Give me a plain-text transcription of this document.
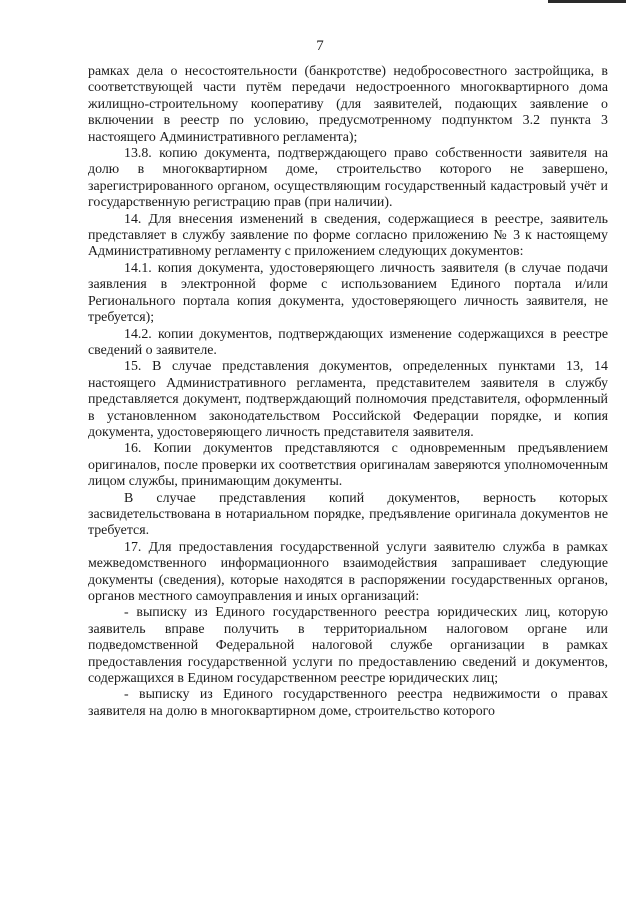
7

рамках дела о несостоятельности (банкротстве) недобросовестного застройщика, в соответствующей части путём передачи недостроенного многоквартирного дома жилищно-строительному кооперативу (для заявителей, подающих заявление о включении в реестр по условию, предусмотренному подпунктом 3.2 пункта 3 настоящего Административного регламента);

13.8. копию документа, подтверждающего право собственности заявителя на долю в многоквартирном доме, строительство которого не завершено, зарегистрированного органом, осуществляющим государственный кадастровый учёт и государственную регистрацию прав (при наличии).

14. Для внесения изменений в сведения, содержащиеся в реестре, заявитель представляет в службу заявление по форме согласно приложению № 3 к настоящему Административному регламенту с приложением следующих документов:

14.1. копия документа, удостоверяющего личность заявителя (в случае подачи заявления в электронной форме с использованием Единого портала и/или Регионального портала копия документа, удостоверяющего личность заявителя, не требуется);

14.2. копии документов, подтверждающих изменение содержащихся в реестре сведений о заявителе.

15. В случае представления документов, определенных пунктами 13, 14 настоящего Административного регламента, представителем заявителя в службу представляется документ, подтверждающий полномочия представителя, оформленный в установленном законодательством Российской Федерации порядке, и копия документа, удостоверяющего личность представителя заявителя.

16. Копии документов представляются с одновременным предъявлением оригиналов, после проверки их соответствия оригиналам заверяются уполномоченным лицом службы, принимающим документы.

В случае представления копий документов, верность которых засвидетельствована в нотариальном порядке, предъявление оригинала документов не требуется.

17. Для предоставления государственной услуги заявителю служба в рамках межведомственного информационного взаимодействия запрашивает следующие документы (сведения), которые находятся в распоряжении государственных органов, органов местного самоуправления и иных организаций:

- выписку из Единого государственного реестра юридических лиц, которую заявитель вправе получить в территориальном налоговом органе или подведомственной Федеральной налоговой службе организации в рамках предоставления государственной услуги по предоставлению сведений и документов, содержащихся в Едином государственном реестре юридических лиц;

- выписку из Единого государственного реестра недвижимости о правах заявителя на долю в многоквартирном доме, строительство которого
